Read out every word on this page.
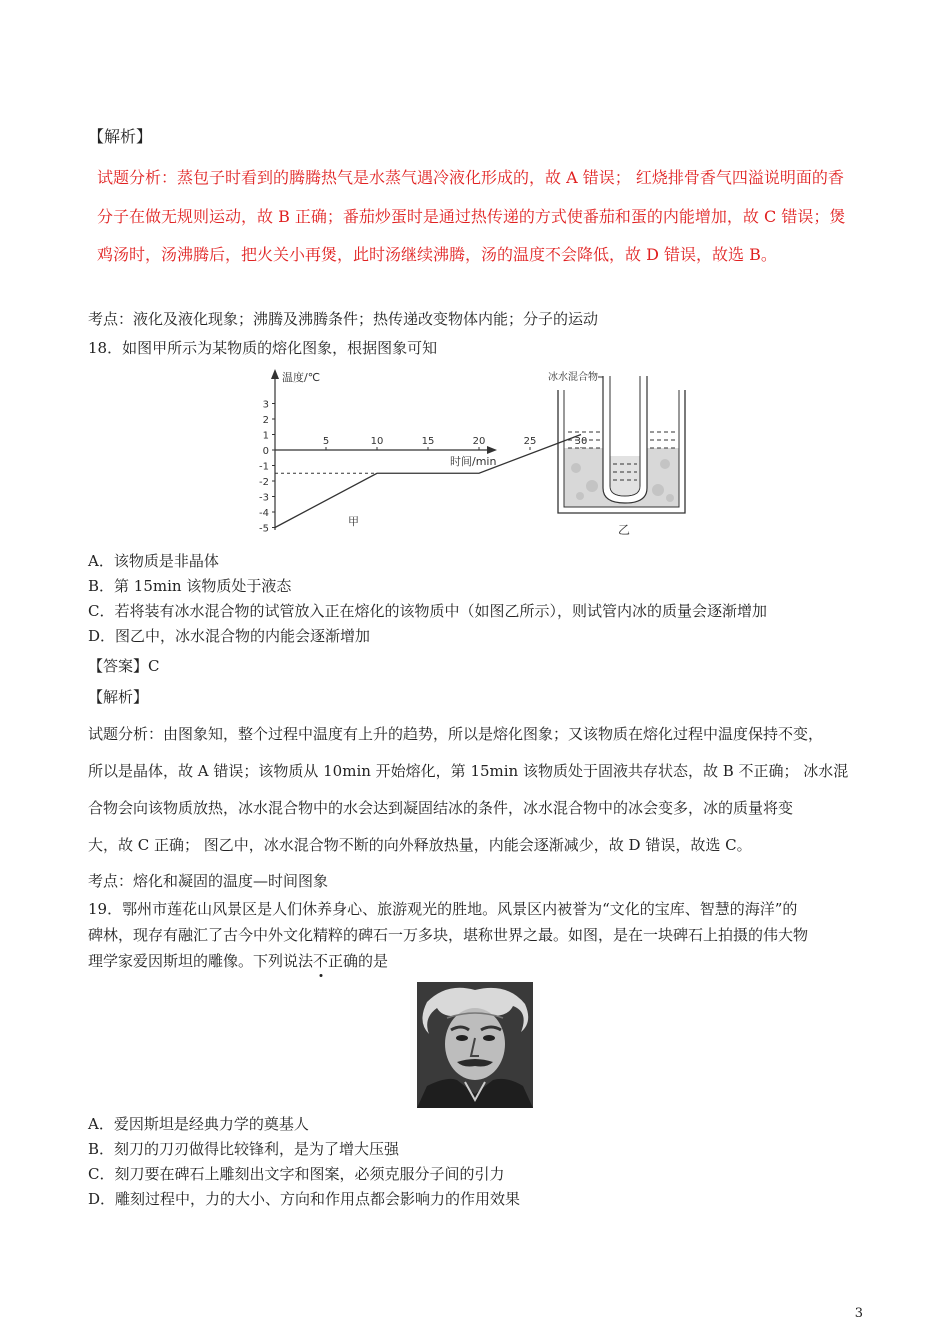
【解析】
试题分析：蒸包子时看到的腾腾热气是水蒸气遇冷液化形成的，故 A 错误； 红烧排骨香气四溢说明面的香
分子在做无规则运动，故 B 正确；番茄炒蛋时是通过热传递的方式使番茄和蛋的内能增加，故 C 错误；煲
鸡汤时，汤沸腾后，把火关小再煲，此时汤继续沸腾，汤的温度不会降低，故 D 错误，故选 B。
考点：液化及液化现象；沸腾及沸腾条件；热传递改变物体内能；分子的运动
18．如图甲所示为某物质的熔化图象，根据图象可知
温度/℃
时间/min
3
2
1
0
-1
-2
-3
-4
-5
5	10	15	20	25	30
甲
冰水混合物
乙
A．该物质是非晶体
B．第 15min 该物质处于液态
C．若将装有冰水混合物的试管放入正在熔化的该物质中（如图乙所示），则试管内冰的质量会逐渐增加
D．图乙中，冰水混合物的内能会逐渐增加
【答案】C
【解析】
试题分析：由图象知，整个过程中温度有上升的趋势，所以是熔化图象；又该物质在熔化过程中温度保持不变，
所以是晶体，故 A 错误；该物质从 10min 开始熔化，第 15min 该物质处于固液共存状态，故 B 不正确； 冰水混
合物会向该物质放热，冰水混合物中的水会达到凝固结冰的条件，冰水混合物中的冰会变多，冰的质量将变
大，故 C 正确； 图乙中，冰水混合物不断的向外释放热量，内能会逐渐减少，故 D 错误，故选 C。
考点：熔化和凝固的温度—时间图象
19．鄂州市莲花山风景区是人们休养身心、旅游观光的胜地。风景区内被誉为“文化的宝库、智慧的海洋”的
碑林，现存有融汇了古今中外文化精粹的碑石一万多块，堪称世界之最。如图，是在一块碑石上拍摄的伟大物
理学家爱因斯坦的雕像。下列说法不正确的是
A．爱因斯坦是经典力学的奠基人
B．刻刀的刀刃做得比较锋利，是为了增大压强
C．刻刀要在碑石上雕刻出文字和图案，必须克服分子间的引力
D．雕刻过程中，力的大小、方向和作用点都会影响力的作用效果
3
